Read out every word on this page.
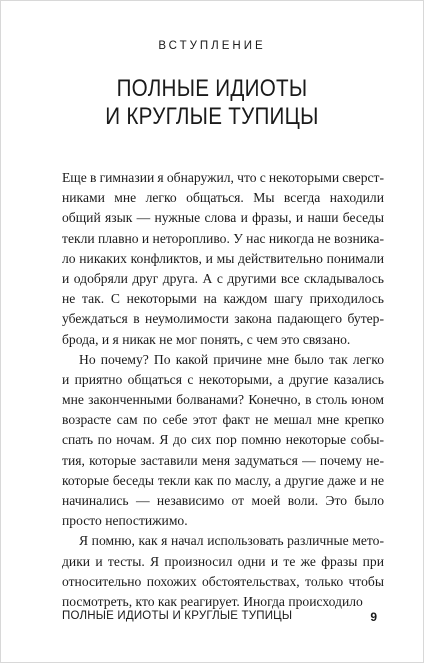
ВСТУПЛЕНИЕ
ПОЛНЫЕ ИДИОТЫ
И КРУГЛЫЕ ТУПИЦЫ
Еще в гимназии я обнаружил, что с некоторыми сверст-
никами мне легко общаться. Мы всегда находили
общий язык — нужные слова и фразы, и наши беседы
текли плавно и неторопливо. У нас никогда не возника-
ло никаких конфликтов, и мы действительно понимали
и одобряли друг друга. А с другими все складывалось
не так. С некоторыми на каждом шагу приходилось
убеждаться в неумолимости закона падающего бутер-
брода, и я никак не мог понять, с чем это связано.
Но почему? По какой причине мне было так легко
и приятно общаться с некоторыми, а другие казались
мне законченными болванами? Конечно, в столь юном
возрасте сам по себе этот факт не мешал мне крепко
спать по ночам. Я до сих пор помню некоторые собы-
тия, которые заставили меня задуматься — почему не-
которые беседы текли как по маслу, а другие даже и не
начинались — независимо от моей воли. Это было
просто непостижимо.
Я помню, как я начал использовать различные мето-
дики и тесты. Я произносил одни и те же фразы при
относительно похожих обстоятельствах, только чтобы
посмотреть, кто как реагирует. Иногда происходило
ПОЛНЫЕ ИДИОТЫ И КРУГЛЫЕ ТУПИЦЫ	9
